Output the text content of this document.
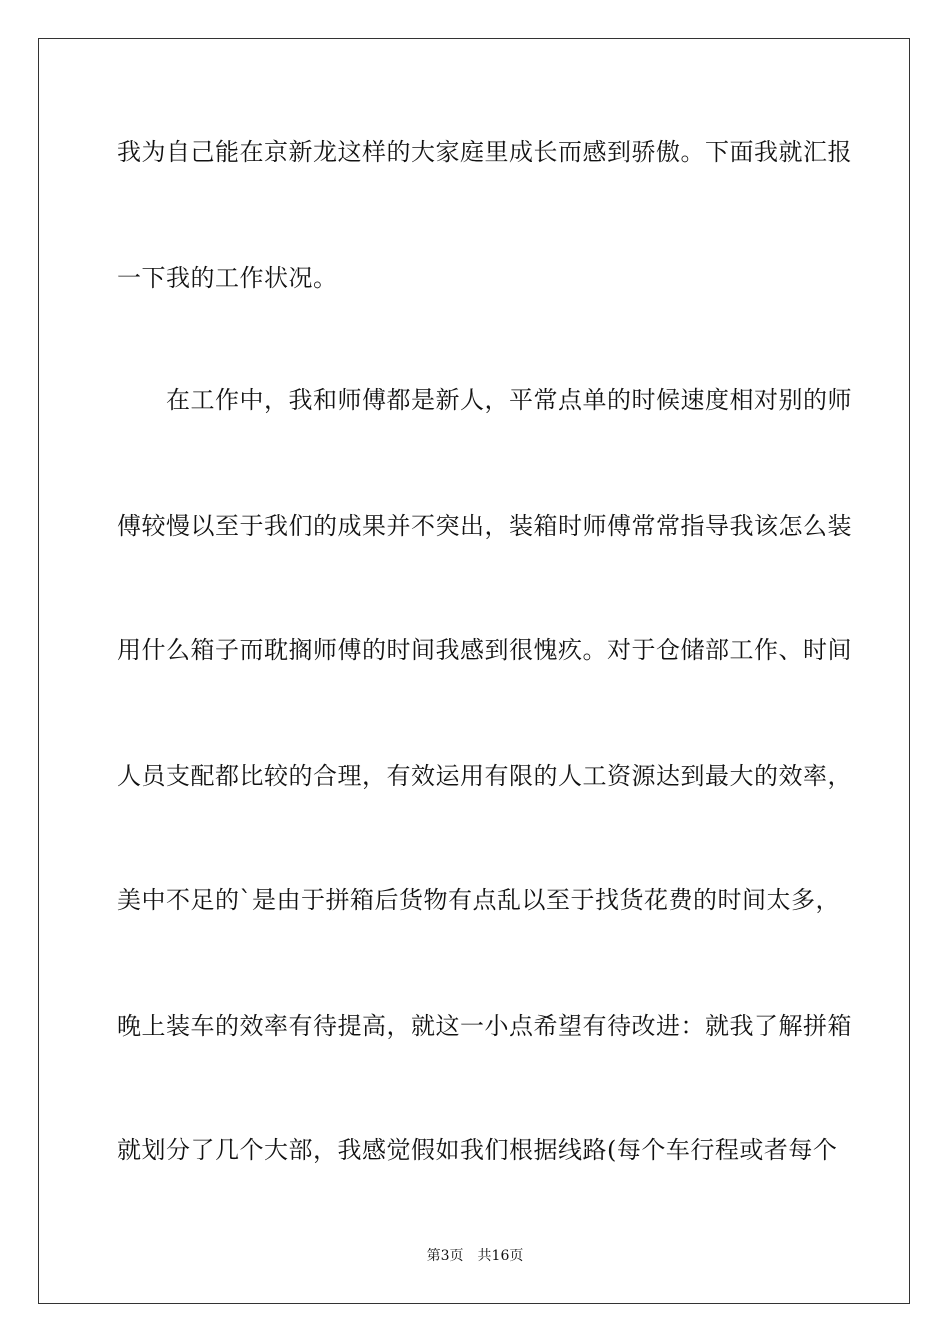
我为自己能在京新龙这样的大家庭里成长而感到骄傲。下面我就汇报
一下我的工作状况。
　　在工作中，我和师傅都是新人，平常点单的时候速度相对别的师
傅较慢以至于我们的成果并不突出，装箱时师傅常常指导我该怎么装
用什么箱子而耽搁师傅的时间我感到很愧疚。对于仓储部工作、时间
人员支配都比较的合理，有效运用有限的人工资源达到最大的效率，
美中不足的`是由于拼箱后货物有点乱以至于找货花费的时间太多，
晚上装车的效率有待提高，就这一小点希望有待改进：就我了解拼箱
就划分了几个大部，我感觉假如我们根据线路(每个车行程或者每个
第3页 共16页
